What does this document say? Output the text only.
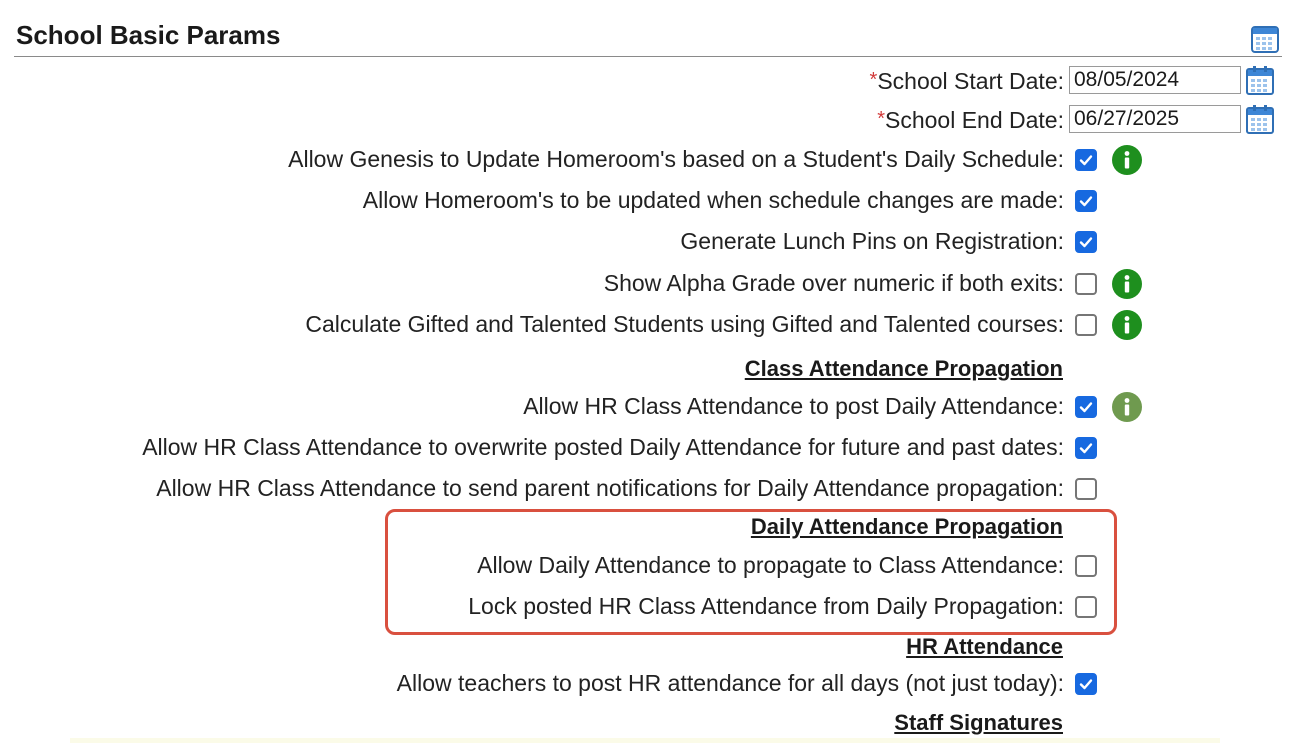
School Basic Params
*School Start Date:
08/05/2024
*School End Date:
06/27/2025
Allow Genesis to Update Homeroom's based on a Student's Daily Schedule:
Allow Homeroom's to be updated when schedule changes are made:
Generate Lunch Pins on Registration:
Show Alpha Grade over numeric if both exits:
Calculate Gifted and Talented Students using Gifted and Talented courses:
Class Attendance Propagation
Allow HR Class Attendance to post Daily Attendance:
Allow HR Class Attendance to overwrite posted Daily Attendance for future and past dates:
Allow HR Class Attendance to send parent notifications for Daily Attendance propagation:
Daily Attendance Propagation
Allow Daily Attendance to propagate to Class Attendance:
Lock posted HR Class Attendance from Daily Propagation:
HR Attendance
Allow teachers to post HR attendance for all days (not just today):
Staff Signatures
